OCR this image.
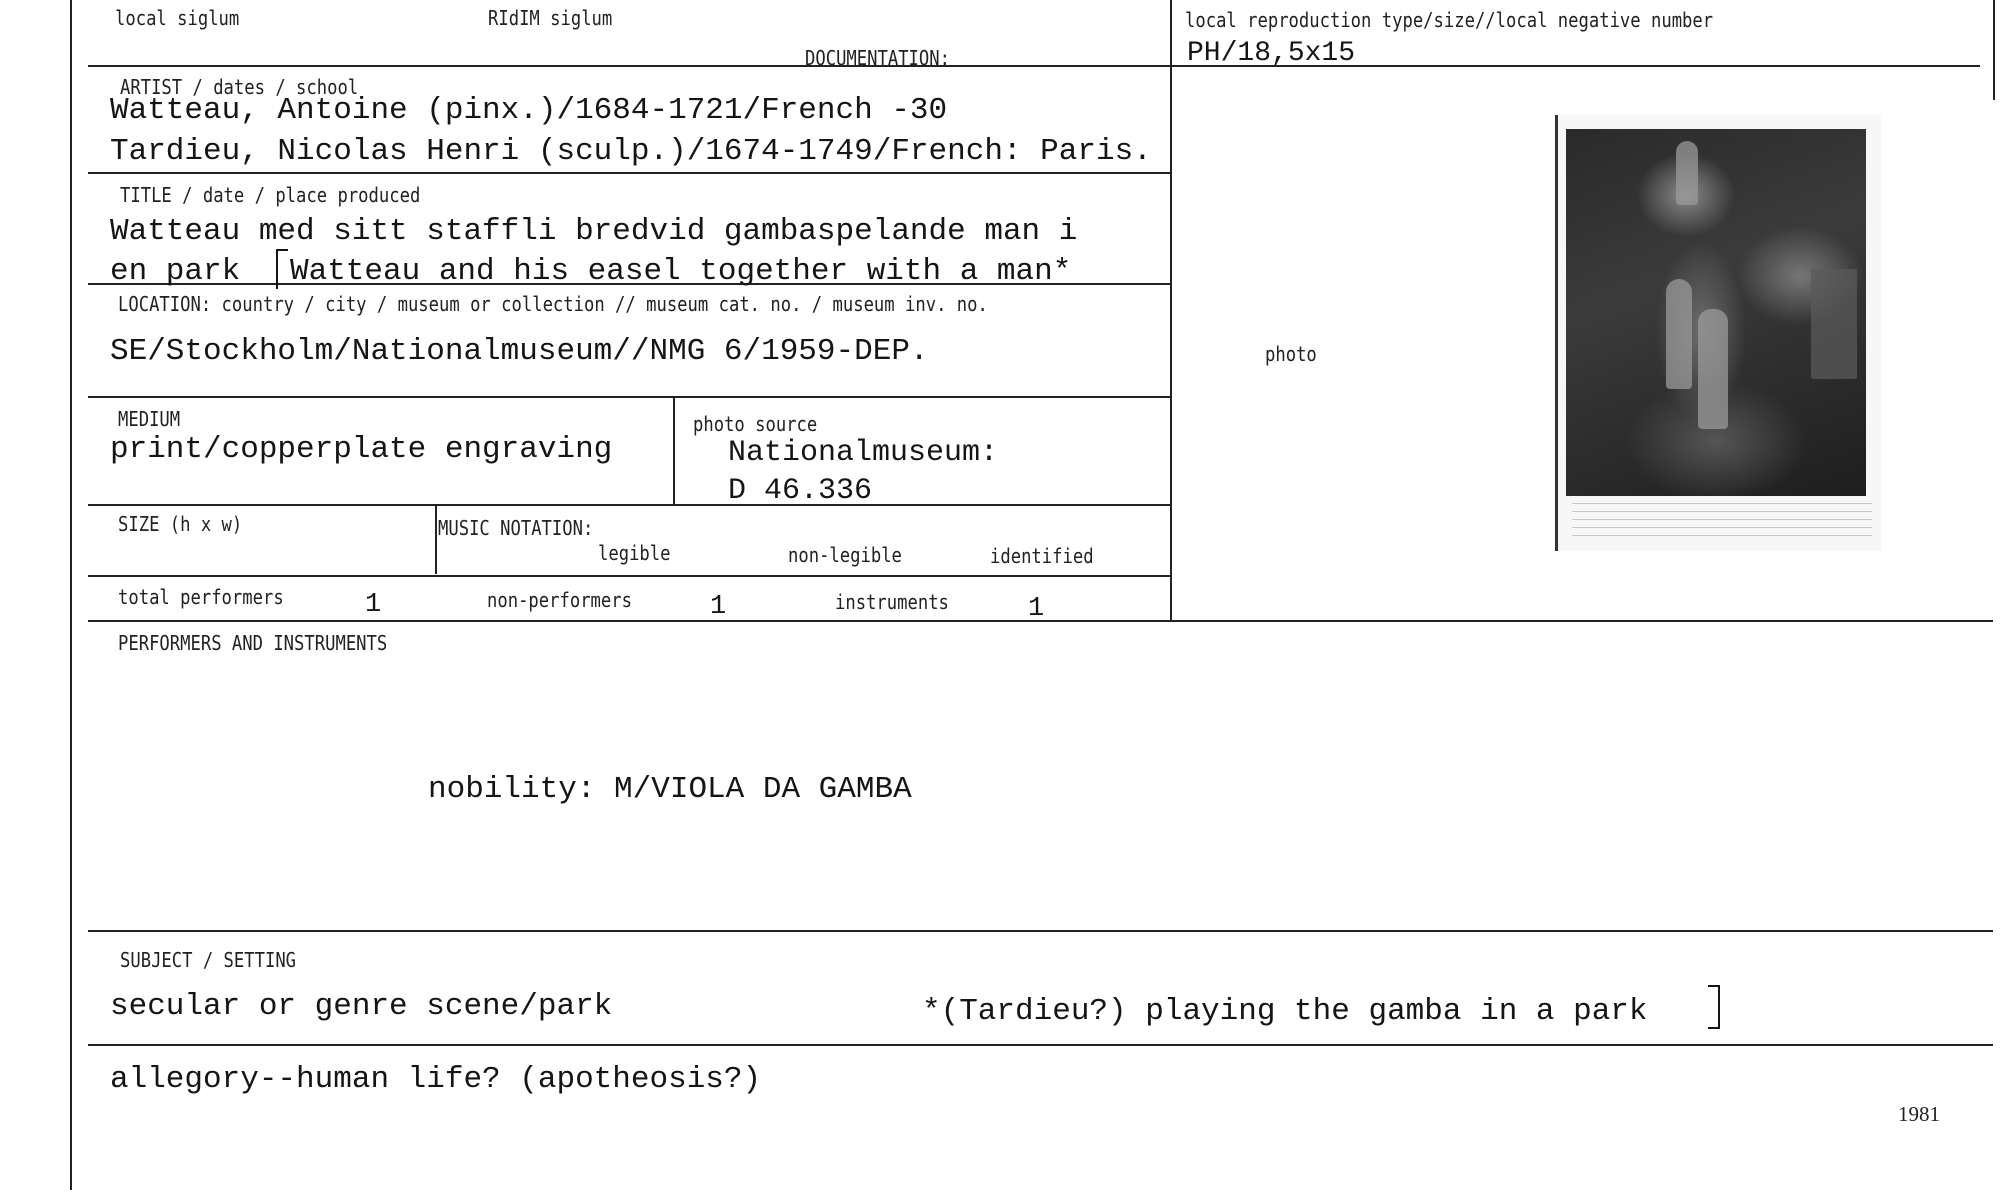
local siglum	RIdIM siglum
DOCUMENTATION:
local reproduction type/size//local negative number
PH/18,5x15
ARTIST / dates / school
Watteau, Antoine (pinx.)/1684-1721/French -30
Tardieu, Nicolas Henri (sculp.)/1674-1749/French: Paris.
TITLE / date / place produced
Watteau med sitt staffli bredvid gambaspelande man i
en park Watteau and his easel together with a man*
LOCATION: country / city / museum or collection // museum cat. no. / museum inv. no.
SE/Stockholm/Nationalmuseum//NMG 6/1959-DEP.
MEDIUM
print/copperplate engraving
photo source
Nationalmuseum:
D 46.336
SIZE (h x w)	MUSIC NOTATION:
legible	non-legible	identified
total performers	1	non-performers	1	instruments	1
photo
PERFORMERS AND INSTRUMENTS
nobility: M/VIOLA DA GAMBA
SUBJECT / SETTING
secular or genre scene/park	*(Tardieu?) playing the gamba in a park
allegory--human life? (apotheosis?)
1981
